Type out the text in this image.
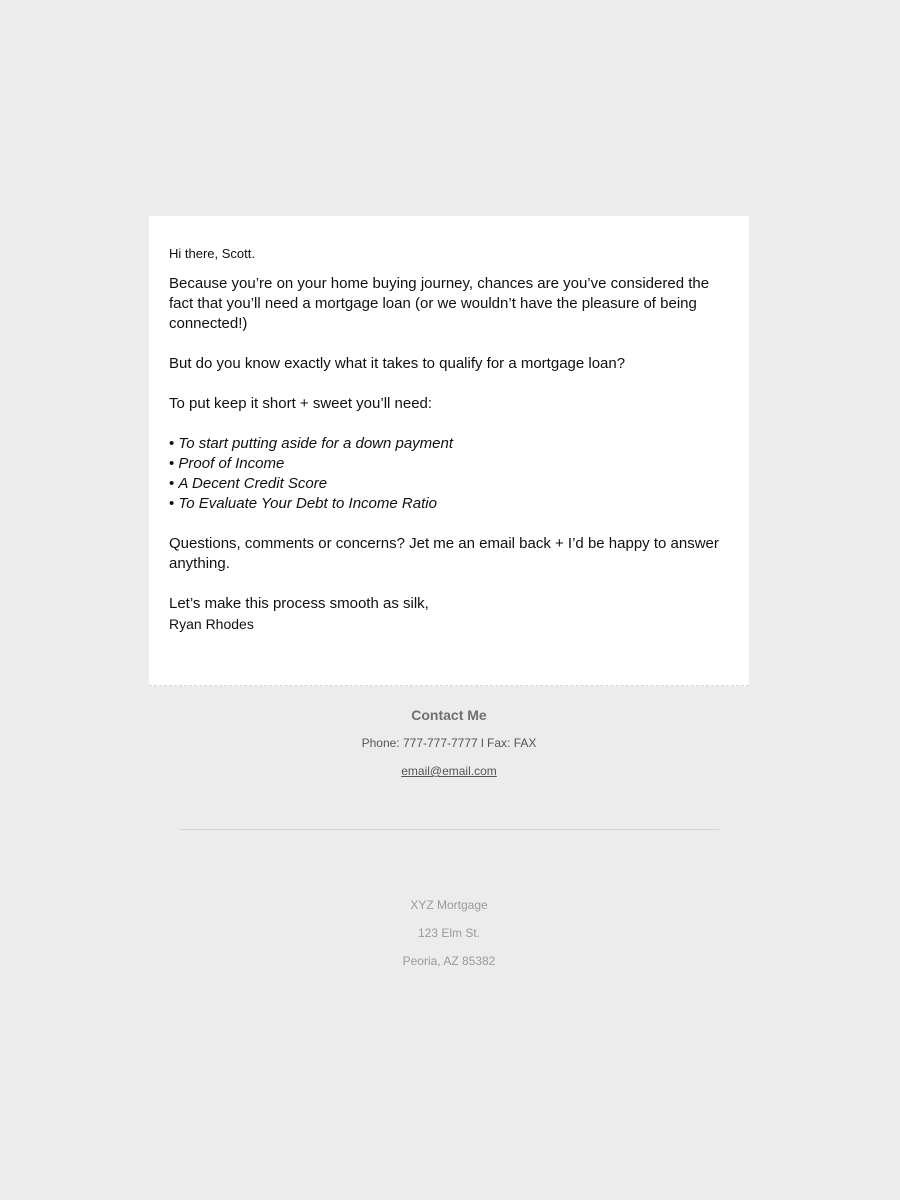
Hi there, Scott.

Because you’re on your home buying journey, chances are you’ve considered the fact that you’ll need a mortgage loan (or we wouldn’t have the pleasure of being connected!)

But do you know exactly what it takes to qualify for a mortgage loan?

To put keep it short + sweet you’ll need:

• To start putting aside for a down payment
• Proof of Income
• A Decent Credit Score
• To Evaluate Your Debt to Income Ratio

Questions, comments or concerns? Jet me an email back + I’d be happy to answer anything.

Let’s make this process smooth as silk,

Ryan Rhodes

Contact Me
Phone: 777-777-7777 l Fax: FAX
email@email.com
XYZ Mortgage
123 Elm St.
Peoria, AZ 85382
